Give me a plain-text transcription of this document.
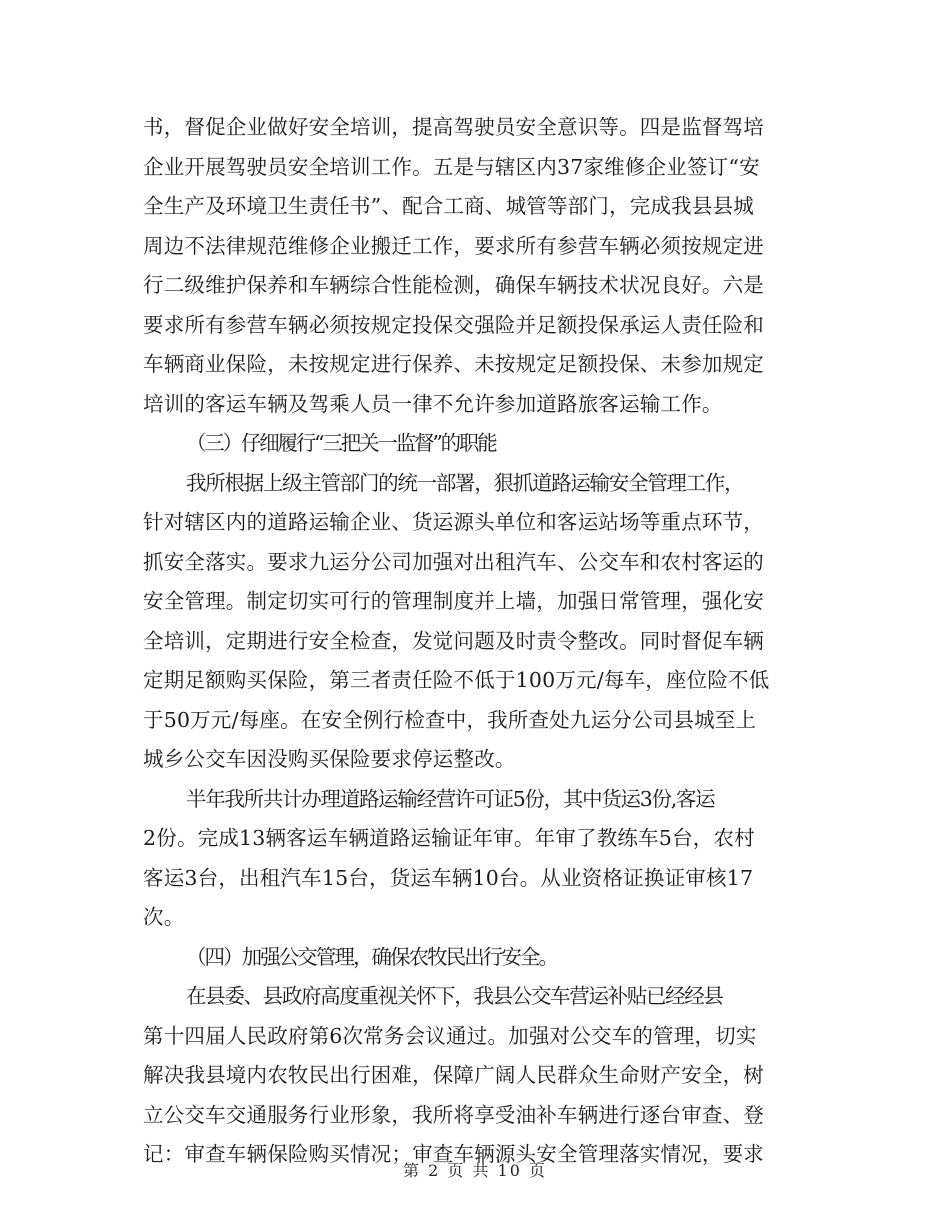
书，督促企业做好安全培训，提高驾驶员安全意识等。四是监督驾培
企业开展驾驶员安全培训工作。五是与辖区内37家维修企业签订“安
全生产及环境卫生责任书”、配合工商、城管等部门，完成我县县城
周边不法律规范维修企业搬迁工作，要求所有参营车辆必须按规定进
行二级维护保养和车辆综合性能检测，确保车辆技术状况良好。六是
要求所有参营车辆必须按规定投保交强险并足额投保承运人责任险和
车辆商业保险，未按规定进行保养、未按规定足额投保、未参加规定
培训的客运车辆及驾乘人员一律不允许参加道路旅客运输工作。
（三）仔细履行“三把关一监督”的职能
我所根据上级主管部门的统一部署，狠抓道路运输安全管理工作，
针对辖区内的道路运输企业、货运源头单位和客运站场等重点环节，
抓安全落实。要求九运分公司加强对出租汽车、公交车和农村客运的
安全管理。制定切实可行的管理制度并上墙，加强日常管理，强化安
全培训，定期进行安全检查，发觉问题及时责令整改。同时督促车辆
定期足额购买保险，第三者责任险不低于100万元/每车，座位险不低
于50万元/每座。在安全例行检查中，我所查处九运分公司县城至上
城乡公交车因没购买保险要求停运整改。
半年我所共计办理道路运输经营许可证5份，其中货运3份,客运
2份。完成13辆客运车辆道路运输证年审。年审了教练车5台，农村
客运3台，出租汽车15台，货运车辆10台。从业资格证换证审核17
次。
（四）加强公交管理，确保农牧民出行安全。
在县委、县政府高度重视关怀下，我县公交车营运补贴已经经县
第十四届人民政府第6次常务会议通过。加强对公交车的管理，切实
解决我县境内农牧民出行困难，保障广阔人民群众生命财产安全，树
立公交车交通服务行业形象，我所将享受油补车辆进行逐台审查、登
记：审查车辆保险购买情况；审查车辆源头安全管理落实情况，要求
第 2 页 共 10 页
